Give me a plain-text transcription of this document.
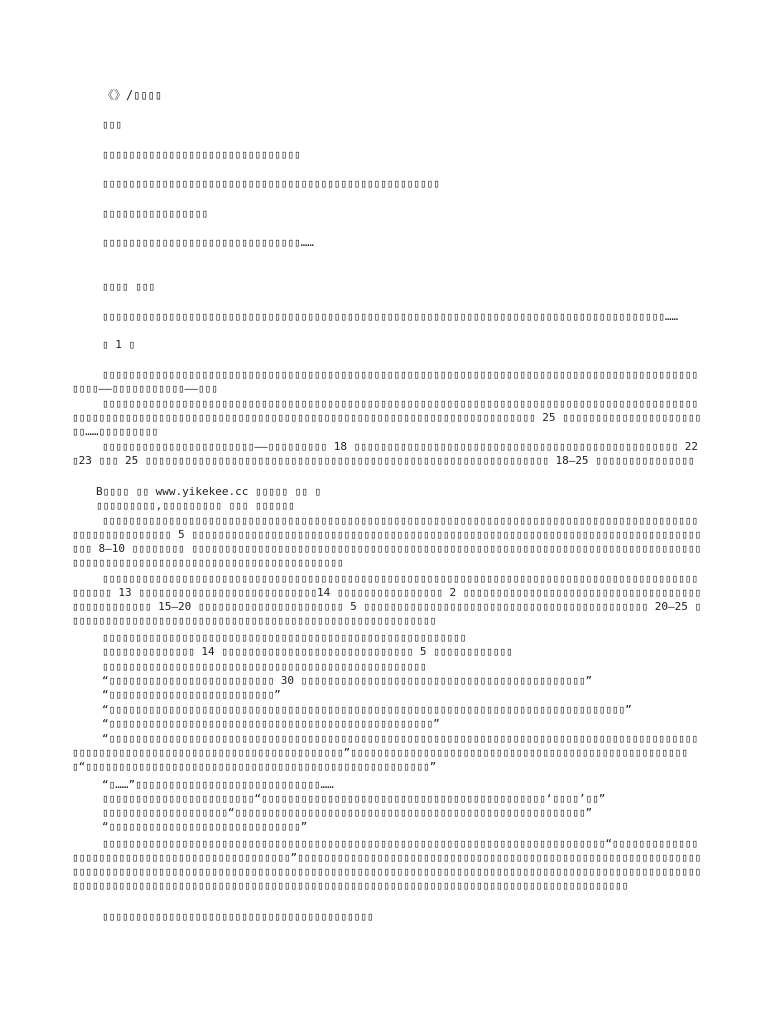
《》/▯▯▯▯
▯▯▯
▯▯▯▯▯▯▯▯▯▯▯▯▯▯▯▯▯▯▯▯▯▯▯▯▯▯▯▯▯▯
▯▯▯▯▯▯▯▯▯▯▯▯▯▯▯▯▯▯▯▯▯▯▯▯▯▯▯▯▯▯▯▯▯▯▯▯▯▯▯▯▯▯▯▯▯▯▯▯▯▯▯
▯▯▯▯▯▯▯▯▯▯▯▯▯▯▯▯
▯▯▯▯▯▯▯▯▯▯▯▯▯▯▯▯▯▯▯▯▯▯▯▯▯▯▯▯▯▯……
▯▯▯▯ ▯▯▯
▯▯▯▯▯▯▯▯▯▯▯▯▯▯▯▯▯▯▯▯▯▯▯▯▯▯▯▯▯▯▯▯▯▯▯▯▯▯▯▯▯▯▯▯▯▯▯▯▯▯▯▯▯▯▯▯▯▯▯▯▯▯▯▯▯▯▯▯▯▯▯▯▯▯▯▯▯▯▯▯▯▯▯▯▯……
▯ 1 ▯
▯▯▯▯▯▯▯▯▯▯▯▯▯▯▯▯▯▯▯▯▯▯▯▯▯▯▯▯▯▯▯▯▯▯▯▯▯▯▯▯▯▯▯▯▯▯▯▯▯▯▯▯▯▯▯▯▯▯▯▯▯▯▯▯▯▯▯▯▯▯▯▯▯▯▯▯▯▯▯▯▯▯▯▯▯▯▯▯▯▯▯▯▯▯——▯▯▯▯▯▯▯▯▯▯▯——▯▯▯
▯▯▯▯▯▯▯▯▯▯▯▯▯▯▯▯▯▯▯▯▯▯▯▯▯▯▯▯▯▯▯▯▯▯▯▯▯▯▯▯▯▯▯▯▯▯▯▯▯▯▯▯▯▯▯▯▯▯▯▯▯▯▯▯▯▯▯▯▯▯▯▯▯▯▯▯▯▯▯▯▯▯▯▯▯▯▯▯▯▯▯▯▯▯▯▯▯▯▯▯▯▯▯▯▯▯▯▯▯▯▯▯▯▯▯▯▯▯▯▯▯▯▯▯▯▯▯▯▯▯▯▯▯▯▯▯▯▯▯▯▯▯▯▯▯▯▯▯▯▯▯▯▯▯▯▯▯▯▯▯ 25 ▯▯▯▯▯▯▯▯▯▯▯▯▯▯▯▯▯▯▯▯▯▯▯……▯▯▯▯▯▯▯▯▯
▯▯▯▯▯▯▯▯▯▯▯▯▯▯▯▯▯▯▯▯▯▯▯——▯▯▯▯▯▯▯▯▯ 18 ▯▯▯▯▯▯▯▯▯▯▯▯▯▯▯▯▯▯▯▯▯▯▯▯▯▯▯▯▯▯▯▯▯▯▯▯▯▯▯▯▯▯▯▯▯▯▯▯▯ 22▯23 ▯▯▯ 25 ▯▯▯▯▯▯▯▯▯▯▯▯▯▯▯▯▯▯▯▯▯▯▯▯▯▯▯▯▯▯▯▯▯▯▯▯▯▯▯▯▯▯▯▯▯▯▯▯▯▯▯▯▯▯▯▯▯▯▯▯▯ 18–25 ▯▯▯▯▯▯▯▯▯▯▯▯▯▯▯
B▯▯▯▯ ▯▯ www.yikekee.cc ▯▯▯▯▯ ▯▯ ▯
▯▯▯▯▯▯▯▯▯,▯▯▯▯▯▯▯▯▯ ▯▯▯ ▯▯▯▯▯▯
▯▯▯▯▯▯▯▯▯▯▯▯▯▯▯▯▯▯▯▯▯▯▯▯▯▯▯▯▯▯▯▯▯▯▯▯▯▯▯▯▯▯▯▯▯▯▯▯▯▯▯▯▯▯▯▯▯▯▯▯▯▯▯▯▯▯▯▯▯▯▯▯▯▯▯▯▯▯▯▯▯▯▯▯▯▯▯▯▯▯▯▯▯▯▯▯▯▯▯▯▯▯▯▯▯ 5 ▯▯▯▯▯▯▯▯▯▯▯▯▯▯▯▯▯▯▯▯▯▯▯▯▯▯▯▯▯▯▯▯▯▯▯▯▯▯▯▯▯▯▯▯▯▯▯▯▯▯▯▯▯▯▯▯▯▯▯▯▯▯▯▯▯▯▯▯▯▯▯▯▯▯▯▯▯▯▯▯ 8–10 ▯▯▯▯▯▯▯▯ ▯▯▯▯▯▯▯▯▯▯▯▯▯▯▯▯▯▯▯▯▯▯▯▯▯▯▯▯▯▯▯▯▯▯▯▯▯▯▯▯▯▯▯▯▯▯▯▯▯▯▯▯▯▯▯▯▯▯▯▯▯▯▯▯▯▯▯▯▯▯▯▯▯▯▯▯▯▯▯▯▯▯▯▯▯▯▯▯▯▯▯▯▯▯▯▯▯▯▯▯▯▯▯▯▯▯▯▯▯▯▯▯▯▯▯▯▯▯
▯▯▯▯▯▯▯▯▯▯▯▯▯▯▯▯▯▯▯▯▯▯▯▯▯▯▯▯▯▯▯▯▯▯▯▯▯▯▯▯▯▯▯▯▯▯▯▯▯▯▯▯▯▯▯▯▯▯▯▯▯▯▯▯▯▯▯▯▯▯▯▯▯▯▯▯▯▯▯▯▯▯▯▯▯▯▯▯▯▯▯▯▯▯▯▯ 13 ▯▯▯▯▯▯▯▯▯▯▯▯▯▯▯▯▯▯▯▯▯▯▯▯▯▯▯14 ▯▯▯▯▯▯▯▯▯▯▯▯▯▯▯▯ 2 ▯▯▯▯▯▯▯▯▯▯▯▯▯▯▯▯▯▯▯▯▯▯▯▯▯▯▯▯▯▯▯▯▯▯▯▯▯▯▯▯▯▯▯▯▯▯▯▯ 15–20 ▯▯▯▯▯▯▯▯▯▯▯▯▯▯▯▯▯▯▯▯▯▯ 5 ▯▯▯▯▯▯▯▯▯▯▯▯▯▯▯▯▯▯▯▯▯▯▯▯▯▯▯▯▯▯▯▯▯▯▯▯▯▯▯▯▯▯▯ 20–25 ▯▯▯▯▯▯▯▯▯▯▯▯▯▯▯▯▯▯▯▯▯▯▯▯▯▯▯▯▯▯▯▯▯▯▯▯▯▯▯▯▯▯▯▯▯▯▯▯▯▯▯▯▯▯▯▯
▯▯▯▯▯▯▯▯▯▯▯▯▯▯▯▯▯▯▯▯▯▯▯▯▯▯▯▯▯▯▯▯▯▯▯▯▯▯▯▯▯▯▯▯▯▯▯▯▯▯▯▯▯▯▯
▯▯▯▯▯▯▯▯▯▯▯▯▯▯ 14 ▯▯▯▯▯▯▯▯▯▯▯▯▯▯▯▯▯▯▯▯▯▯▯▯▯▯▯▯▯ 5 ▯▯▯▯▯▯▯▯▯▯▯▯
▯▯▯▯▯▯▯▯▯▯▯▯▯▯▯▯▯▯▯▯▯▯▯▯▯▯▯▯▯▯▯▯▯▯▯▯▯▯▯▯▯▯▯▯▯▯▯▯▯
“▯▯▯▯▯▯▯▯▯▯▯▯▯▯▯▯▯▯▯▯▯▯▯▯▯ 30 ▯▯▯▯▯▯▯▯▯▯▯▯▯▯▯▯▯▯▯▯▯▯▯▯▯▯▯▯▯▯▯▯▯▯▯▯▯▯▯▯▯▯▯”
“▯▯▯▯▯▯▯▯▯▯▯▯▯▯▯▯▯▯▯▯▯▯▯▯▯”
“▯▯▯▯▯▯▯▯▯▯▯▯▯▯▯▯▯▯▯▯▯▯▯▯▯▯▯▯▯▯▯▯▯▯▯▯▯▯▯▯▯▯▯▯▯▯▯▯▯▯▯▯▯▯▯▯▯▯▯▯▯▯▯▯▯▯▯▯▯▯▯▯▯▯▯▯▯▯”
“▯▯▯▯▯▯▯▯▯▯▯▯▯▯▯▯▯▯▯▯▯▯▯▯▯▯▯▯▯▯▯▯▯▯▯▯▯▯▯▯▯▯▯▯▯▯▯▯▯”
“▯▯▯▯▯▯▯▯▯▯▯▯▯▯▯▯▯▯▯▯▯▯▯▯▯▯▯▯▯▯▯▯▯▯▯▯▯▯▯▯▯▯▯▯▯▯▯▯▯▯▯▯▯▯▯▯▯▯▯▯▯▯▯▯▯▯▯▯▯▯▯▯▯▯▯▯▯▯▯▯▯▯▯▯▯▯▯▯▯▯▯▯▯▯▯▯▯▯▯▯▯▯▯▯▯▯▯▯▯▯▯▯▯▯▯▯▯▯▯▯▯▯▯▯▯▯▯▯▯▯”▯▯▯▯▯▯▯▯▯▯▯▯▯▯▯▯▯▯▯▯▯▯▯▯▯▯▯▯▯▯▯▯▯▯▯▯▯▯▯▯▯▯▯▯▯▯▯▯▯▯▯▯“▯▯▯▯▯▯▯▯▯▯▯▯▯▯▯▯▯▯▯▯▯▯▯▯▯▯▯▯▯▯▯▯▯▯▯▯▯▯▯▯▯▯▯▯▯▯▯▯▯▯▯▯”
“▯……”▯▯▯▯▯▯▯▯▯▯▯▯▯▯▯▯▯▯▯▯▯▯▯▯▯▯▯▯……
▯▯▯▯▯▯▯▯▯▯▯▯▯▯▯▯▯▯▯▯▯▯▯“▯▯▯▯▯▯▯▯▯▯▯▯▯▯▯▯▯▯▯▯▯▯▯▯▯▯▯▯▯▯▯▯▯▯▯▯▯▯▯▯▯▯▯‘▯▯▯▯’▯▯”
▯▯▯▯▯▯▯▯▯▯▯▯▯▯▯▯▯▯▯“▯▯▯▯▯▯▯▯▯▯▯▯▯▯▯▯▯▯▯▯▯▯▯▯▯▯▯▯▯▯▯▯▯▯▯▯▯▯▯▯▯▯▯▯▯▯▯▯▯▯▯▯▯”
“▯▯▯▯▯▯▯▯▯▯▯▯▯▯▯▯▯▯▯▯▯▯▯▯▯▯▯▯▯”
▯▯▯▯▯▯▯▯▯▯▯▯▯▯▯▯▯▯▯▯▯▯▯▯▯▯▯▯▯▯▯▯▯▯▯▯▯▯▯▯▯▯▯▯▯▯▯▯▯▯▯▯▯▯▯▯▯▯▯▯▯▯▯▯▯▯▯▯▯▯▯▯▯▯▯▯“▯▯▯▯▯▯▯▯▯▯▯▯▯▯▯▯▯▯▯▯▯▯▯▯▯▯▯▯▯▯▯▯▯▯▯▯▯▯▯▯▯▯▯▯▯▯”▯▯▯▯▯▯▯▯▯▯▯▯▯▯▯▯▯▯▯▯▯▯▯▯▯▯▯▯▯▯▯▯▯▯▯▯▯▯▯▯▯▯▯▯▯▯▯▯▯▯▯▯▯▯▯▯▯▯▯▯▯▯▯▯▯▯▯▯▯▯▯▯▯▯▯▯▯▯▯▯▯▯▯▯▯▯▯▯▯▯▯▯▯▯▯▯▯▯▯▯▯▯▯▯▯▯▯▯▯▯▯▯▯▯▯▯▯▯▯▯▯▯▯▯▯▯▯▯▯▯▯▯▯▯▯▯▯▯▯▯▯▯▯▯▯▯▯▯▯▯▯▯▯▯▯▯▯▯▯▯▯▯▯▯▯▯▯▯▯▯▯▯▯▯▯▯▯▯▯▯▯▯▯▯▯▯▯▯▯▯▯▯▯▯▯▯▯▯▯▯▯▯▯▯▯▯▯▯▯▯▯▯▯▯▯▯▯▯▯▯▯▯▯▯▯▯▯▯▯▯▯▯▯▯▯▯▯▯▯▯
▯▯▯▯▯▯▯▯▯▯▯▯▯▯▯▯▯▯▯▯▯▯▯▯▯▯▯▯▯▯▯▯▯▯▯▯▯▯▯▯▯
